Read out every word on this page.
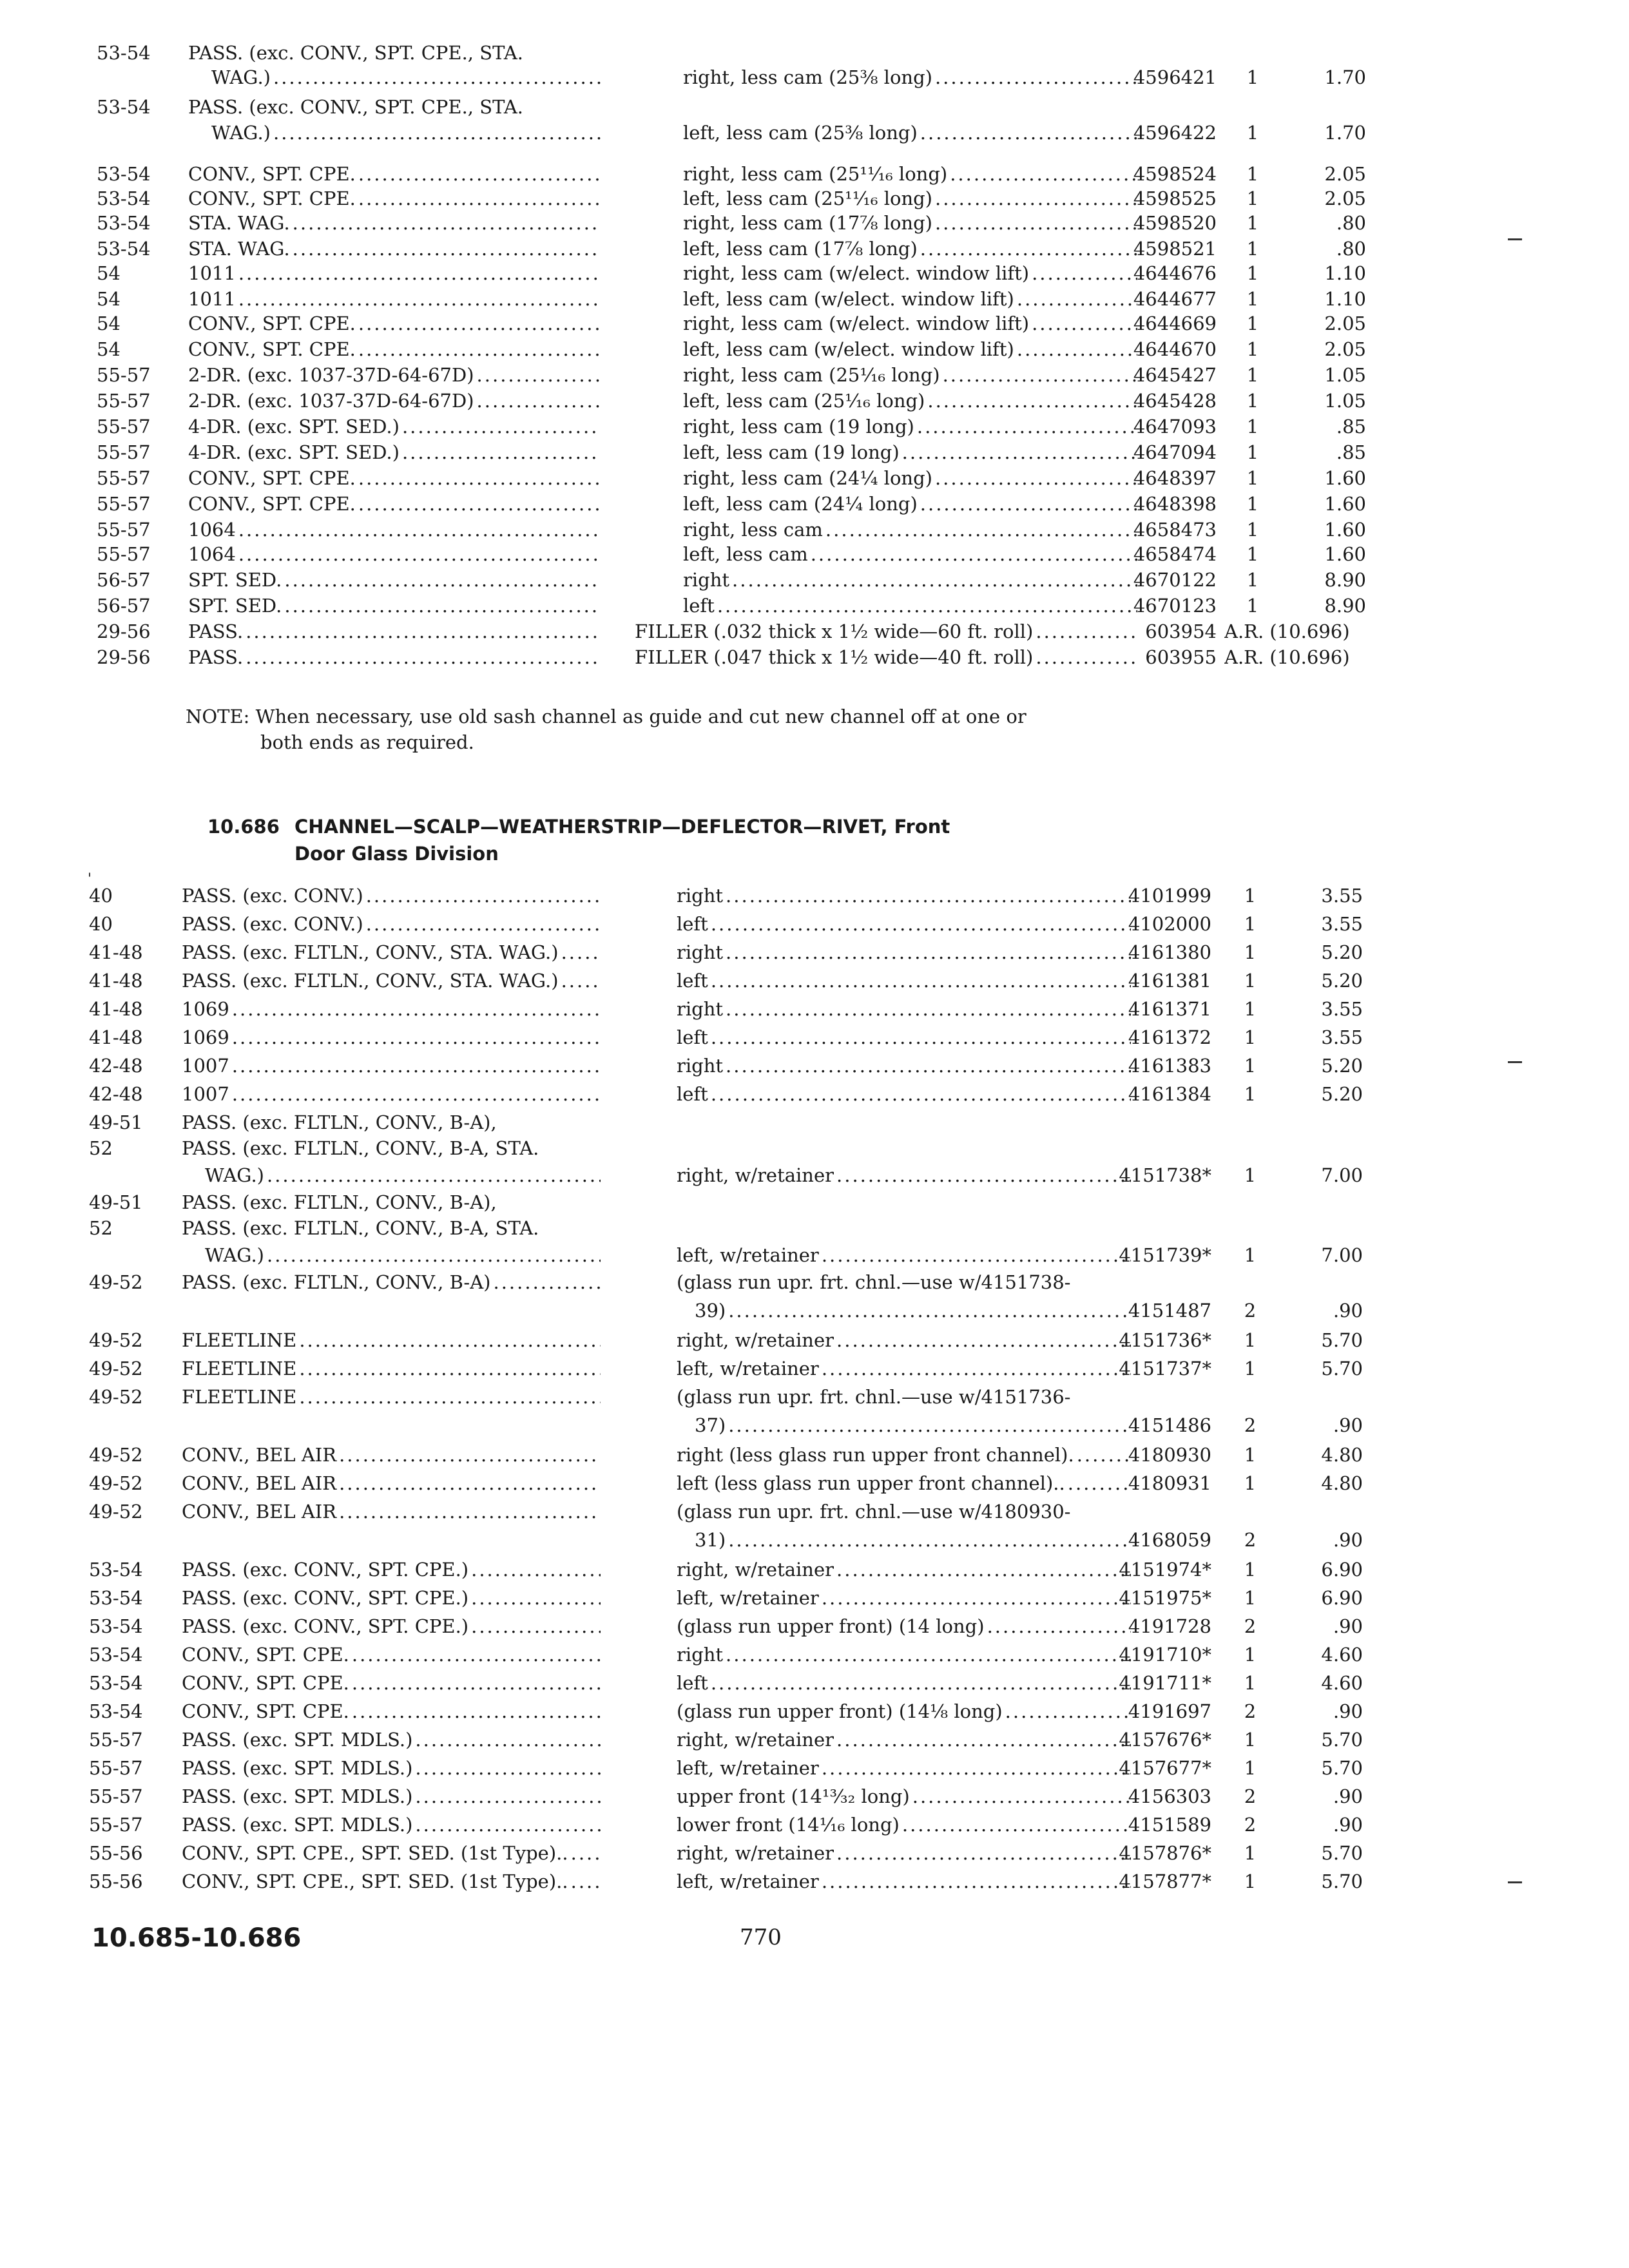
53-54	PASS. (exc. CONV., SPT. CPE., STA.
WAG.) .....	right, less cam (25⅜ long) .....	4596421	1	1.70
53-54	PASS. (exc. CONV., SPT. CPE., STA.
WAG.) .....	left, less cam (25⅜ long) .....	4596422	1	1.70
53-54	CONV., SPT. CPE. .....	right, less cam (25¹¹⁄₁₆ long) .....	4598524	1	2.05
53-54	CONV., SPT. CPE. .....	left, less cam (25¹¹⁄₁₆ long) .....	4598525	1	2.05
53-54	STA. WAG. .....	right, less cam (17⅞ long) .....	4598520	1	.80
53-54	STA. WAG. .....	left, less cam (17⅞ long) .....	4598521	1	.80
54	1011 .....	right, less cam (w/elect. window lift) .....	4644676	1	1.10
54	1011 .....	left, less cam (w/elect. window lift) .....	4644677	1	1.10
54	CONV., SPT. CPE. .....	right, less cam (w/elect. window lift) .....	4644669	1	2.05
54	CONV., SPT. CPE. .....	left, less cam (w/elect. window lift) .....	4644670	1	2.05
55-57	2-DR. (exc. 1037-37D-64-67D) .....	right, less cam (25¹⁄₁₆ long) .....	4645427	1	1.05
55-57	2-DR. (exc. 1037-37D-64-67D) .....	left, less cam (25¹⁄₁₆ long) .....	4645428	1	1.05
55-57	4-DR. (exc. SPT. SED.) .....	right, less cam (19 long) .....	4647093	1	.85
55-57	4-DR. (exc. SPT. SED.) .....	left, less cam (19 long) .....	4647094	1	.85
55-57	CONV., SPT. CPE. .....	right, less cam (24¼ long) .....	4648397	1	1.60
55-57	CONV., SPT. CPE. .....	left, less cam (24¼ long) .....	4648398	1	1.60
55-57	1064 .....	right, less cam .....	4658473	1	1.60
55-57	1064 .....	left, less cam .....	4658474	1	1.60
56-57	SPT. SED. .....	right .....	4670122	1	8.90
56-57	SPT. SED. .....	left .....	4670123	1	8.90
29-56	PASS. .....	FILLER (.032 thick x 1½ wide—60 ft. roll) .....	603954 A.R. (10.696)
29-56	PASS. .....	FILLER (.047 thick x 1½ wide—40 ft. roll) .....	603955 A.R. (10.696)
NOTE: When necessary, use old sash channel as guide and cut new channel off at one or
both ends as required.
10.686 CHANNEL—SCALP—WEATHERSTRIP—DEFLECTOR—RIVET, Front
Door Glass Division
'
40	PASS. (exc. CONV.) .....	right .....	4101999	1	3.55
40	PASS. (exc. CONV.) .....	left .....	4102000	1	3.55
41-48	PASS. (exc. FLTLN., CONV., STA. WAG.) .....	right .....	4161380	1	5.20
41-48	PASS. (exc. FLTLN., CONV., STA. WAG.) .....	left .....	4161381	1	5.20
41-48	1069 .....	right .....	4161371	1	3.55
41-48	1069 .....	left .....	4161372	1	3.55
42-48	1007 .....	right .....	4161383	1	5.20
42-48	1007 .....	left .....	4161384	1	5.20
49-51	PASS. (exc. FLTLN., CONV., B-A),
52	PASS. (exc. FLTLN., CONV., B-A, STA.
WAG.) .....	right, w/retainer .....	4151738*	1	7.00
49-51	PASS. (exc. FLTLN., CONV., B-A),
52	PASS. (exc. FLTLN., CONV., B-A, STA.
WAG.) .....	left, w/retainer .....	4151739*	1	7.00
49-52	PASS. (exc. FLTLN., CONV., B-A) .....	(glass run upr. frt. chnl.—use w/4151738-
39) .....	4151487	2	.90
49-52	FLEETLINE .....	right, w/retainer .....	4151736*	1	5.70
49-52	FLEETLINE .....	left, w/retainer .....	4151737*	1	5.70
49-52	FLEETLINE .....	(glass run upr. frt. chnl.—use w/4151736-
37) .....	4151486	2	.90
49-52	CONV., BEL AIR .....	right (less glass run upper front channel). .....	4180930	1	4.80
49-52	CONV., BEL AIR .....	left (less glass run upper front channel).. .....	4180931	1	4.80
49-52	CONV., BEL AIR .....	(glass run upr. frt. chnl.—use w/4180930-
31) .....	4168059	2	.90
53-54	PASS. (exc. CONV., SPT. CPE.) .....	right, w/retainer .....	4151974*	1	6.90
53-54	PASS. (exc. CONV., SPT. CPE.) .....	left, w/retainer .....	4151975*	1	6.90
53-54	PASS. (exc. CONV., SPT. CPE.) .....	(glass run upper front) (14 long) .....	4191728	2	.90
53-54	CONV., SPT. CPE. .....	right .....	4191710*	1	4.60
53-54	CONV., SPT. CPE. .....	left .....	4191711*	1	4.60
53-54	CONV., SPT. CPE. .....	(glass run upper front) (14⅛ long) .....	4191697	2	.90
55-57	PASS. (exc. SPT. MDLS.) .....	right, w/retainer .....	4157676*	1	5.70
55-57	PASS. (exc. SPT. MDLS.) .....	left, w/retainer .....	4157677*	1	5.70
55-57	PASS. (exc. SPT. MDLS.) .....	upper front (14¹³⁄₃₂ long) .....	4156303	2	.90
55-57	PASS. (exc. SPT. MDLS.) .....	lower front (14¹⁄₁₆ long) .....	4151589	2	.90
55-56	CONV., SPT. CPE., SPT. SED. (1st Type).. .....	right, w/retainer .....	4157876*	1	5.70
55-56	CONV., SPT. CPE., SPT. SED. (1st Type).. .....	left, w/retainer .....	4157877*	1	5.70
10.685-10.686	770
